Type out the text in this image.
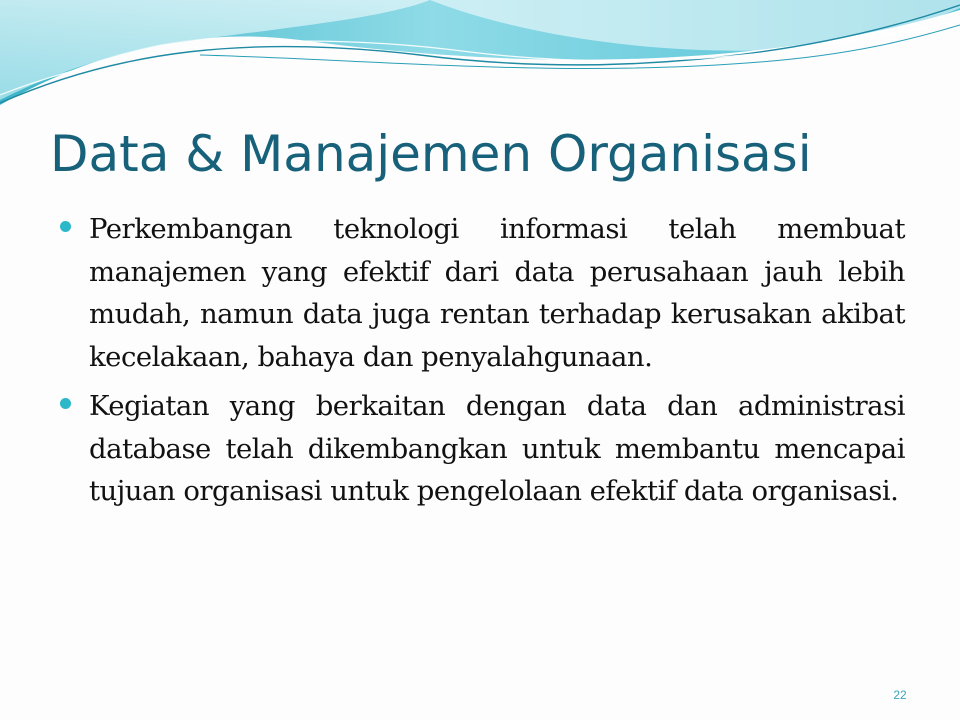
Data & Manajemen Organisasi
Perkembangan teknologi informasi telah membuat manajemen yang efektif dari data perusahaan jauh lebih mudah, namun data juga rentan terhadap kerusakan akibat kecelakaan, bahaya dan penyalahgunaan.
Kegiatan yang berkaitan dengan data dan administrasi database telah dikembangkan untuk membantu mencapai tujuan organisasi untuk pengelolaan efektif data organisasi.
22
